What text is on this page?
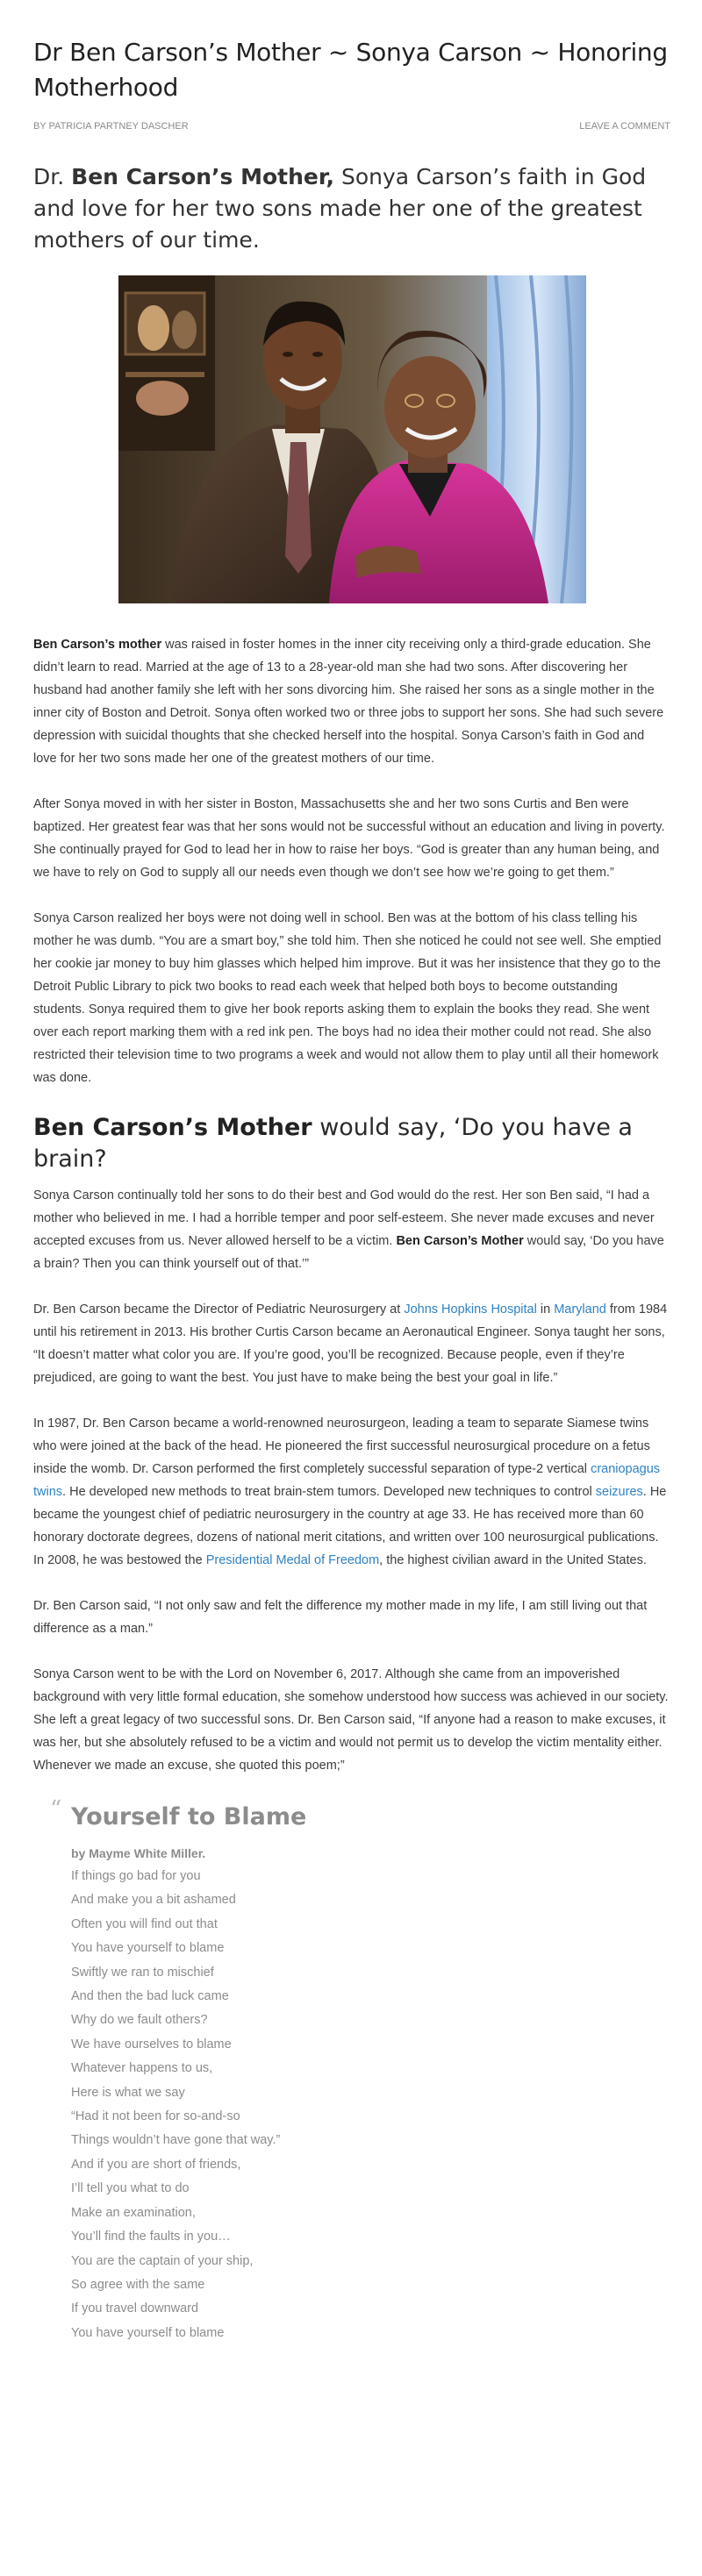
Dr Ben Carson’s Mother ~ Sonya Carson ~ Honoring Motherhood
BY PATRICIA PARTNEY DASCHER	LEAVE A COMMENT
Dr. Ben Carson’s Mother, Sonya Carson’s faith in God and love for her two sons made her one of the greatest mothers of our time.

Ben Carson’s mother was raised in foster homes in the inner city receiving only a third-grade education. She didn’t learn to read. Married at the age of 13 to a 28-year-old man she had two sons. After discovering her husband had another family she left with her sons divorcing him. She raised her sons as a single mother in the inner city of Boston and Detroit. Sonya often worked two or three jobs to support her sons. She had such severe depression with suicidal thoughts that she checked herself into the hospital. Sonya Carson’s faith in God and love for her two sons made her one of the greatest mothers of our time.

After Sonya moved in with her sister in Boston, Massachusetts she and her two sons Curtis and Ben were baptized. Her greatest fear was that her sons would not be successful without an education and living in poverty. She continually prayed for God to lead her in how to raise her boys. “God is greater than any human being, and we have to rely on God to supply all our needs even though we don’t see how we’re going to get them.”

Sonya Carson realized her boys were not doing well in school. Ben was at the bottom of his class telling his mother he was dumb. “You are a smart boy,” she told him. Then she noticed he could not see well. She emptied her cookie jar money to buy him glasses which helped him improve. But it was her insistence that they go to the Detroit Public Library to pick two books to read each week that helped both boys to become outstanding students. Sonya required them to give her book reports asking them to explain the books they read. She went over each report marking them with a red ink pen. The boys had no idea their mother could not read. She also restricted their television time to two programs a week and would not allow them to play until all their homework was done.

Ben Carson’s Mother would say, ‘Do you have a brain?

Sonya Carson continually told her sons to do their best and God would do the rest. Her son Ben said, “I had a mother who believed in me. I had a horrible temper and poor self-esteem. She never made excuses and never accepted excuses from us. Never allowed herself to be a victim. Ben Carson’s Mother would say, ‘Do you have a brain? Then you can think yourself out of that.’”

Dr. Ben Carson became the Director of Pediatric Neurosurgery at Johns Hopkins Hospital in Maryland from 1984 until his retirement in 2013. His brother Curtis Carson became an Aeronautical Engineer. Sonya taught her sons, “It doesn’t matter what color you are. If you’re good, you’ll be recognized. Because people, even if they’re prejudiced, are going to want the best. You just have to make being the best your goal in life.”

In 1987, Dr. Ben Carson became a world-renowned neurosurgeon, leading a team to separate Siamese twins who were joined at the back of the head. He pioneered the first successful neurosurgical procedure on a fetus inside the womb. Dr. Carson performed the first completely successful separation of type-2 vertical craniopagus twins. He developed new methods to treat brain-stem tumors. Developed new techniques to control seizures. He became the youngest chief of pediatric neurosurgery in the country at age 33. He has received more than 60 honorary doctorate degrees, dozens of national merit citations, and written over 100 neurosurgical publications. In 2008, he was bestowed the Presidential Medal of Freedom, the highest civilian award in the United States.

Dr. Ben Carson said, “I not only saw and felt the difference my mother made in my life, I am still living out that difference as a man.”

Sonya Carson went to be with the Lord on November 6, 2017. Although she came from an impoverished background with very little formal education, she somehow understood how success was achieved in our society. She left a great legacy of two successful sons. Dr. Ben Carson said, “If anyone had a reason to make excuses, it was her, but she absolutely refused to be a victim and would not permit us to develop the victim mentality either. Whenever we made an excuse, she quoted this poem;”

“ Yourself to Blame
by Mayme White Miller.
If things go bad for you
And make you a bit ashamed
Often you will find out that
You have yourself to blame
Swiftly we ran to mischief
And then the bad luck came
Why do we fault others?
We have ourselves to blame
Whatever happens to us,
Here is what we say
“Had it not been for so-and-so
Things wouldn’t have gone that way.”
And if you are short of friends,
I’ll tell you what to do
Make an examination,
You’ll find the faults in you…
You are the captain of your ship,
So agree with the same
If you travel downward
You have yourself to blame
